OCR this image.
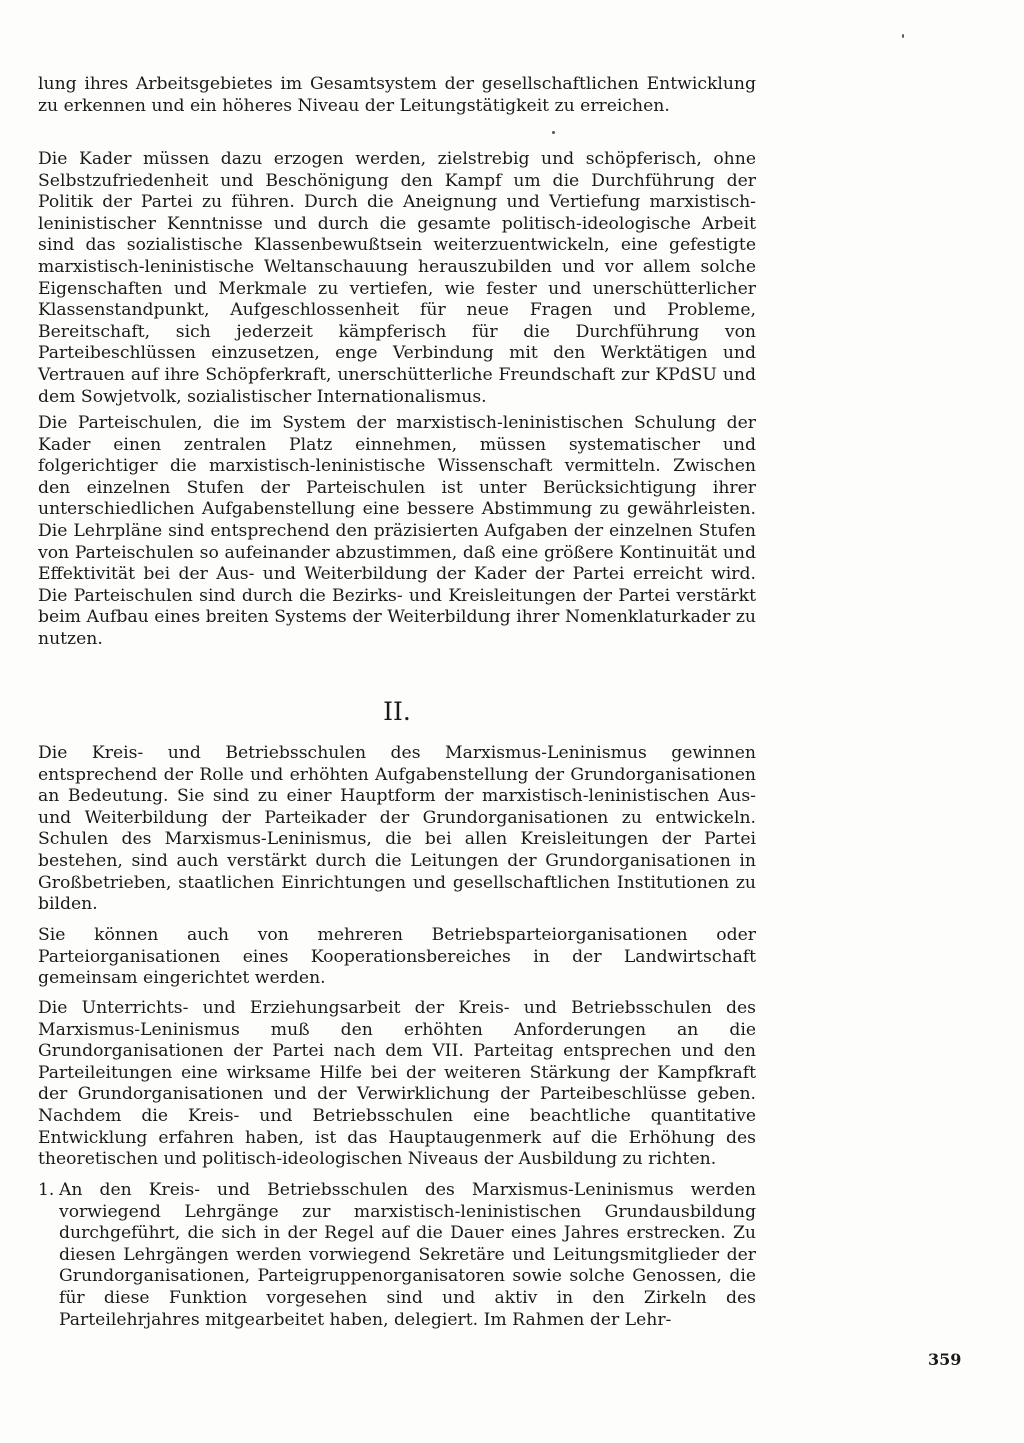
lung ihres Arbeitsgebietes im Gesamtsystem der gesellschaftlichen Entwicklung zu erkennen und ein höheres Niveau der Leitungstätigkeit zu erreichen.

Die Kader müssen dazu erzogen werden, zielstrebig und schöpferisch, ohne Selbstzufriedenheit und Beschönigung den Kampf um die Durchführung der Politik der Partei zu führen. Durch die Aneignung und Vertiefung marxistisch-leninistischer Kenntnisse und durch die gesamte politisch-ideologische Arbeit sind das sozialistische Klassenbewußtsein weiterzuentwickeln, eine gefestigte marxistisch-leninistische Weltanschauung herauszubilden und vor allem solche Eigenschaften und Merkmale zu vertiefen, wie fester und unerschütterlicher Klassenstandpunkt, Aufgeschlossenheit für neue Fragen und Probleme, Bereitschaft, sich jederzeit kämpferisch für die Durchführung von Parteibeschlüssen einzusetzen, enge Verbindung mit den Werktätigen und Vertrauen auf ihre Schöpferkraft, unerschütterliche Freundschaft zur KPdSU und dem Sowjetvolk, sozialistischer Internationalismus.

Die Parteischulen, die im System der marxistisch-leninistischen Schulung der Kader einen zentralen Platz einnehmen, müssen systematischer und folgerichtiger die marxistisch-leninistische Wissenschaft vermitteln. Zwischen den einzelnen Stufen der Parteischulen ist unter Berücksichtigung ihrer unterschiedlichen Aufgabenstellung eine bessere Abstimmung zu gewährleisten. Die Lehrpläne sind entsprechend den präzisierten Aufgaben der einzelnen Stufen von Parteischulen so aufeinander abzustimmen, daß eine größere Kontinuität und Effektivität bei der Aus- und Weiterbildung der Kader der Partei erreicht wird. Die Parteischulen sind durch die Bezirks- und Kreisleitungen der Partei verstärkt beim Aufbau eines breiten Systems der Weiterbildung ihrer Nomenklaturkader zu nutzen.

II.

Die Kreis- und Betriebsschulen des Marxismus-Leninismus gewinnen entsprechend der Rolle und erhöhten Aufgabenstellung der Grundorganisationen an Bedeutung. Sie sind zu einer Hauptform der marxistisch-leninistischen Aus- und Weiterbildung der Parteikader der Grundorganisationen zu entwickeln. Schulen des Marxismus-Leninismus, die bei allen Kreisleitungen der Partei bestehen, sind auch verstärkt durch die Leitungen der Grundorganisationen in Großbetrieben, staatlichen Einrichtungen und gesellschaftlichen Institutionen zu bilden.

Sie können auch von mehreren Betriebsparteiorganisationen oder Parteiorganisationen eines Kooperationsbereiches in der Landwirtschaft gemeinsam eingerichtet werden.

Die Unterrichts- und Erziehungsarbeit der Kreis- und Betriebsschulen des Marxismus-Leninismus muß den erhöhten Anforderungen an die Grundorganisationen der Partei nach dem VII. Parteitag entsprechen und den Parteileitungen eine wirksame Hilfe bei der weiteren Stärkung der Kampfkraft der Grundorganisationen und der Verwirklichung der Parteibeschlüsse geben. Nachdem die Kreis- und Betriebsschulen eine beachtliche quantitative Entwicklung erfahren haben, ist das Hauptaugenmerk auf die Erhöhung des theoretischen und politisch-ideologischen Niveaus der Ausbildung zu richten.

1. An den Kreis- und Betriebsschulen des Marxismus-Leninismus werden vorwiegend Lehrgänge zur marxistisch-leninistischen Grundausbildung durchgeführt, die sich in der Regel auf die Dauer eines Jahres erstrecken. Zu diesen Lehrgängen werden vorwiegend Sekretäre und Leitungsmitglieder der Grundorganisationen, Parteigruppenorganisatoren sowie solche Genossen, die für diese Funktion vorgesehen sind und aktiv in den Zirkeln des Parteilehrjahres mitgearbeitet haben, delegiert. Im Rahmen der Lehr-
359
